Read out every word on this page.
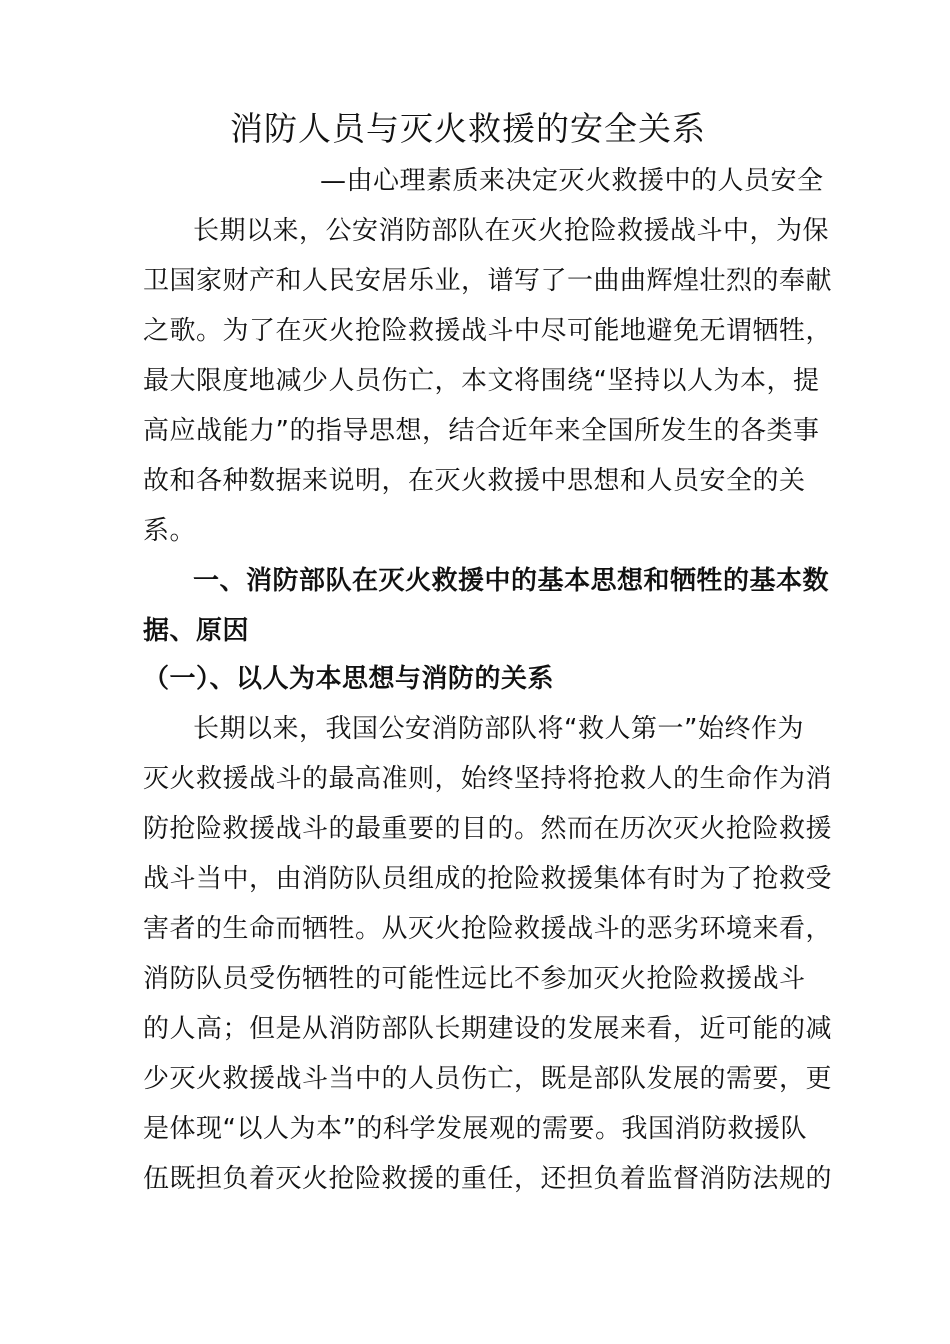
消防人员与灭火救援的安全关系
—由心理素质来决定灭火救援中的人员安全
长期以来，公安消防部队在灭火抢险救援战斗中，为保
卫国家财产和人民安居乐业，谱写了一曲曲辉煌壮烈的奉献
之歌。为了在灭火抢险救援战斗中尽可能地避免无谓牺牲，
最大限度地减少人员伤亡，本文将围绕“坚持以人为本，提
高应战能力”的指导思想，结合近年来全国所发生的各类事
故和各种数据来说明，在灭火救援中思想和人员安全的关
系。
一、消防部队在灭火救援中的基本思想和牺牲的基本数
据、原因
（一）、以人为本思想与消防的关系
长期以来，我国公安消防部队将“救人第一”始终作为
灭火救援战斗的最高准则，始终坚持将抢救人的生命作为消
防抢险救援战斗的最重要的目的。然而在历次灭火抢险救援
战斗当中，由消防队员组成的抢险救援集体有时为了抢救受
害者的生命而牺牲。从灭火抢险救援战斗的恶劣环境来看，
消防队员受伤牺牲的可能性远比不参加灭火抢险救援战斗
的人高；但是从消防部队长期建设的发展来看，近可能的减
少灭火救援战斗当中的人员伤亡，既是部队发展的需要，更
是体现“以人为本”的科学发展观的需要。我国消防救援队
伍既担负着灭火抢险救援的重任，还担负着监督消防法规的
